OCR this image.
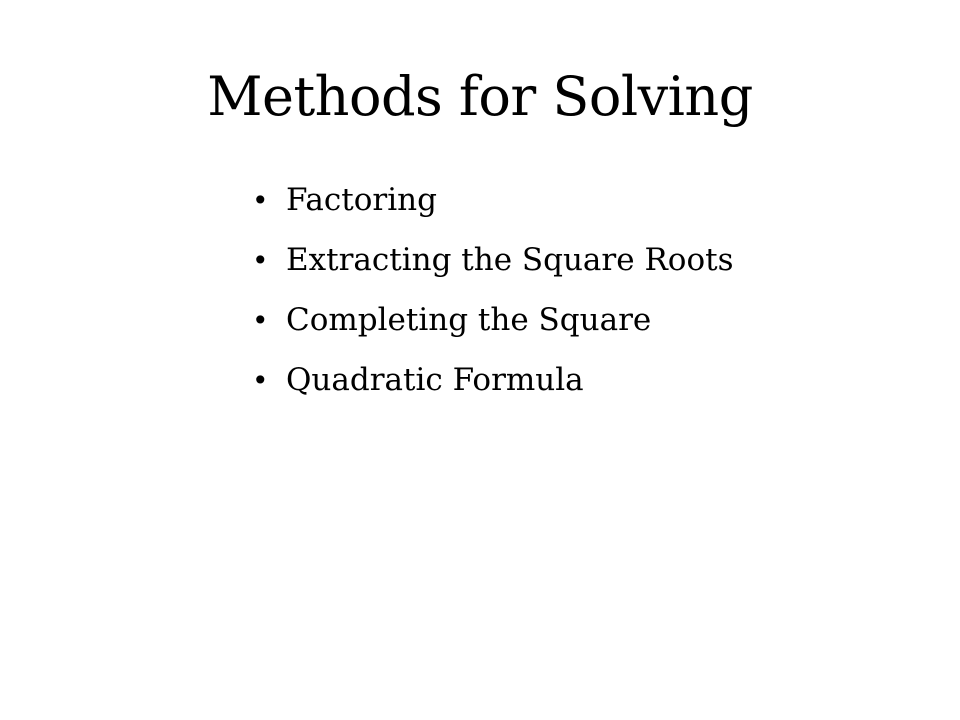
Methods for Solving
• Factoring
• Extracting the Square Roots
• Completing the Square
• Quadratic Formula
